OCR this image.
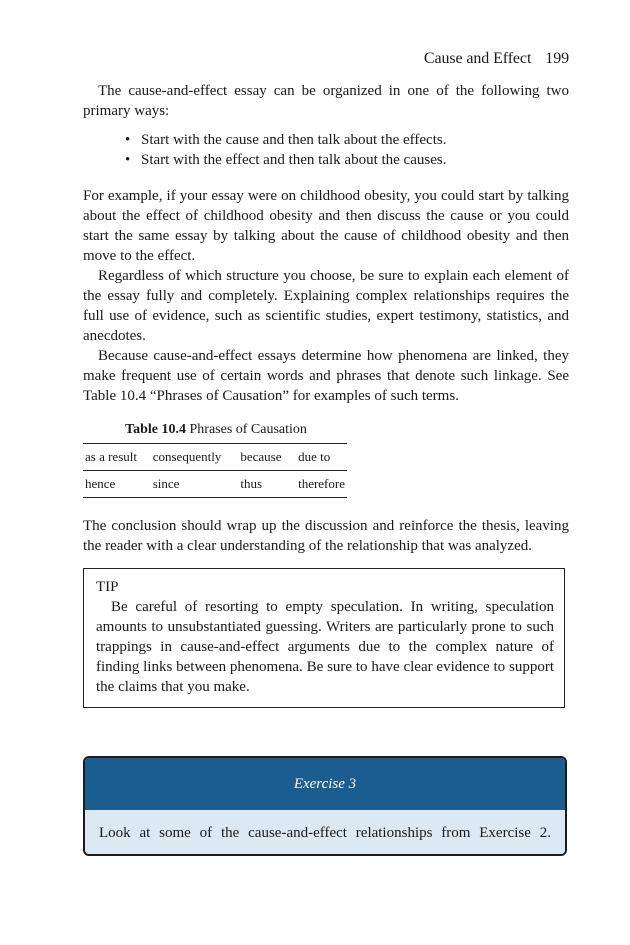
Cause and Effect 199

The cause-and-effect essay can be organized in one of the following two primary ways:

• Start with the cause and then talk about the effects.
• Start with the effect and then talk about the causes.

For example, if your essay were on childhood obesity, you could start by talking about the effect of childhood obesity and then discuss the cause or you could start the same essay by talking about the cause of childhood obesity and then move to the effect.

Regardless of which structure you choose, be sure to explain each element of the essay fully and completely. Explaining complex relationships requires the full use of evidence, such as scientific studies, expert testimony, statistics, and anecdotes.

Because cause-and-effect essays determine how phenomena are linked, they make frequent use of certain words and phrases that denote such linkage. See Table 10.4 “Phrases of Causation” for examples of such terms.

Table 10.4 Phrases of Causation
as a result	consequently	because	due to
hence	since	thus	therefore

The conclusion should wrap up the discussion and reinforce the thesis, leaving the reader with a clear understanding of the relationship that was analyzed.

TIP

Be careful of resorting to empty speculation. In writing, speculation amounts to unsubstantiated guessing. Writers are particularly prone to such trappings in cause-and-effect arguments due to the complex nature of finding links between phenomena. Be sure to have clear evidence to support the claims that you make.

Exercise 3
Look at some of the cause-and-effect relationships from Exercise 2.
